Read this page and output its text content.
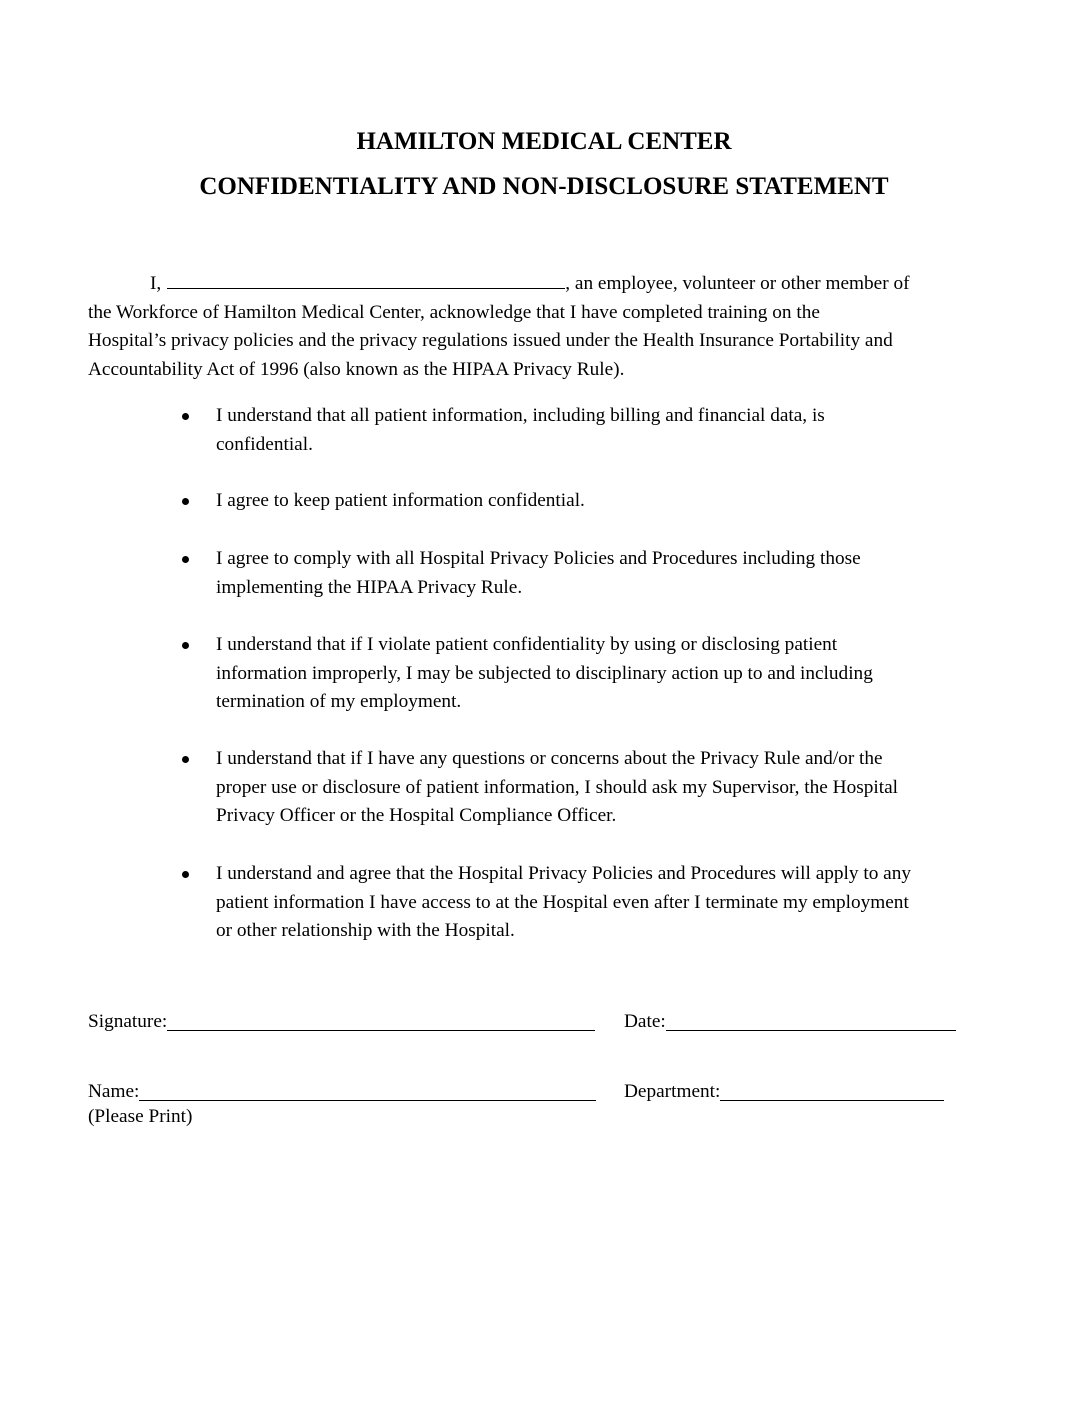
HAMILTON MEDICAL CENTER
CONFIDENTIALITY AND NON-DISCLOSURE STATEMENT
I,	, an employee, volunteer or other member of
the Workforce of Hamilton Medical Center, acknowledge that I have completed training on the
Hospital’s privacy policies and the privacy regulations issued under the Health Insurance Portability and
Accountability Act of 1996 (also known as the HIPAA Privacy Rule).
I understand that all patient information, including billing and financial data, is
confidential.
I agree to keep patient information confidential.
I agree to comply with all Hospital Privacy Policies and Procedures including those
implementing the HIPAA Privacy Rule.
I understand that if I violate patient confidentiality by using or disclosing patient
information improperly, I may be subjected to disciplinary action up to and including
termination of my employment.
I understand that if I have any questions or concerns about the Privacy Rule and/or the
proper use or disclosure of patient information, I should ask my Supervisor, the Hospital
Privacy Officer or the Hospital Compliance Officer.
I understand and agree that the Hospital Privacy Policies and Procedures will apply to any
patient information I have access to at the Hospital even after I terminate my employment
or other relationship with the Hospital.
Signature:	Date:
Name:
(Please Print)
Department:
